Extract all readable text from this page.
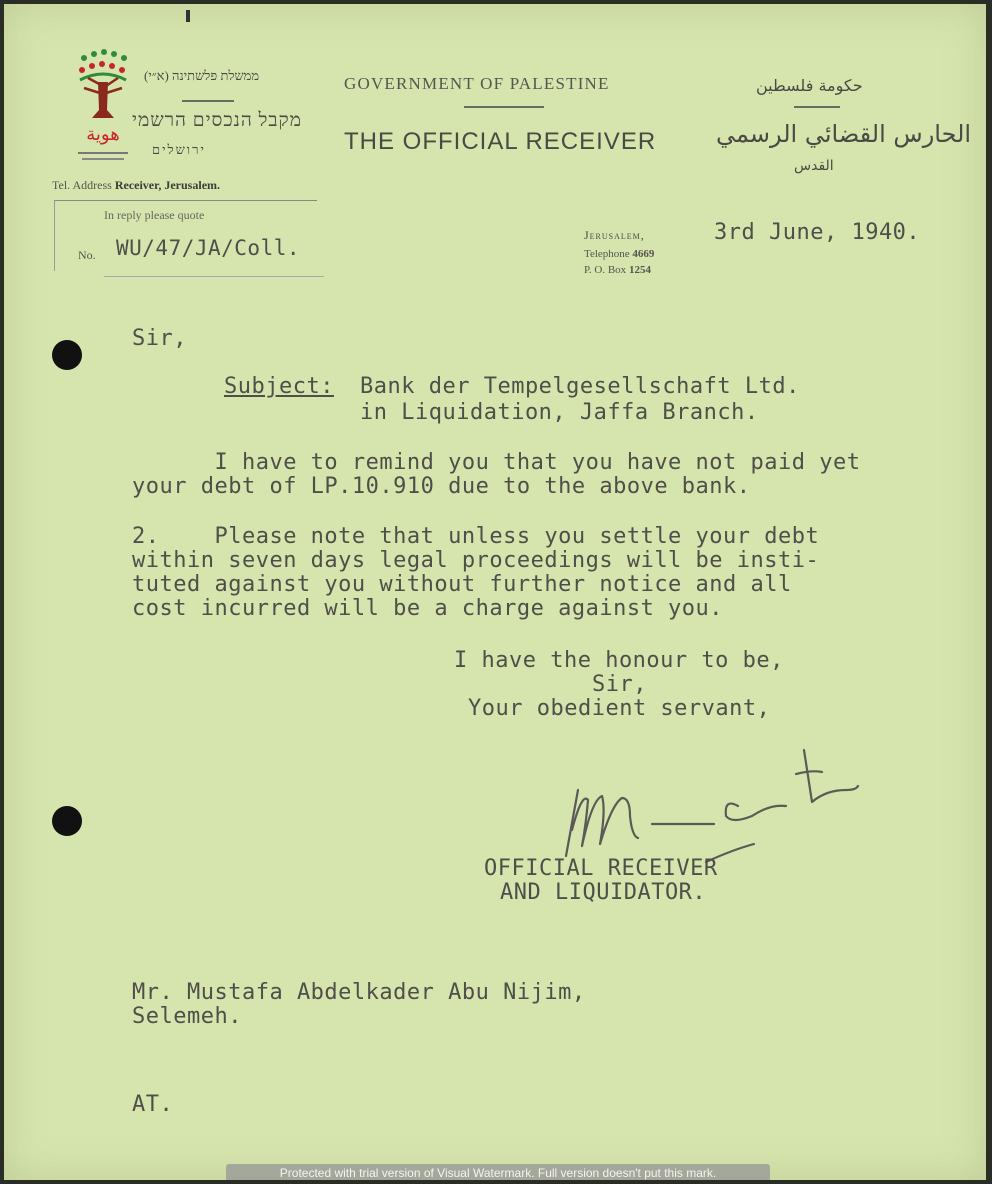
هوية
ממשלת פלשתינה (א״י)
מקבל הנכסים הרשמי
ירושלים
GOVERNMENT OF PALESTINE
THE OFFICIAL RECEIVER
حكومة فلسطين
الحارس القضائي الرسمي
القدس
Tel. Address Receiver, Jerusalem.
In reply please quote
No. WU/47/JA/Coll.
Jerusalem,
Telephone 4669
P. O. Box 1254
3rd June, 1940.
Sir,
Subject: Bank der Tempelgesellschaft Ltd.
in Liquidation, Jaffa Branch.
I have to remind you that you have not paid yet
your debt of LP.10.910 due to the above bank.
2.    Please note that unless you settle your debt
within seven days legal proceedings will be insti-
tuted against you without further notice and all
cost incurred will be a charge against you.
I have the honour to be,
Sir,
Your obedient servant,
OFFICIAL RECEIVER
AND LIQUIDATOR.
Mr. Mustafa Abdelkader Abu Nijim,
Selemeh.
AT.
Protected with trial version of Visual Watermark. Full version doesn't put this mark.
